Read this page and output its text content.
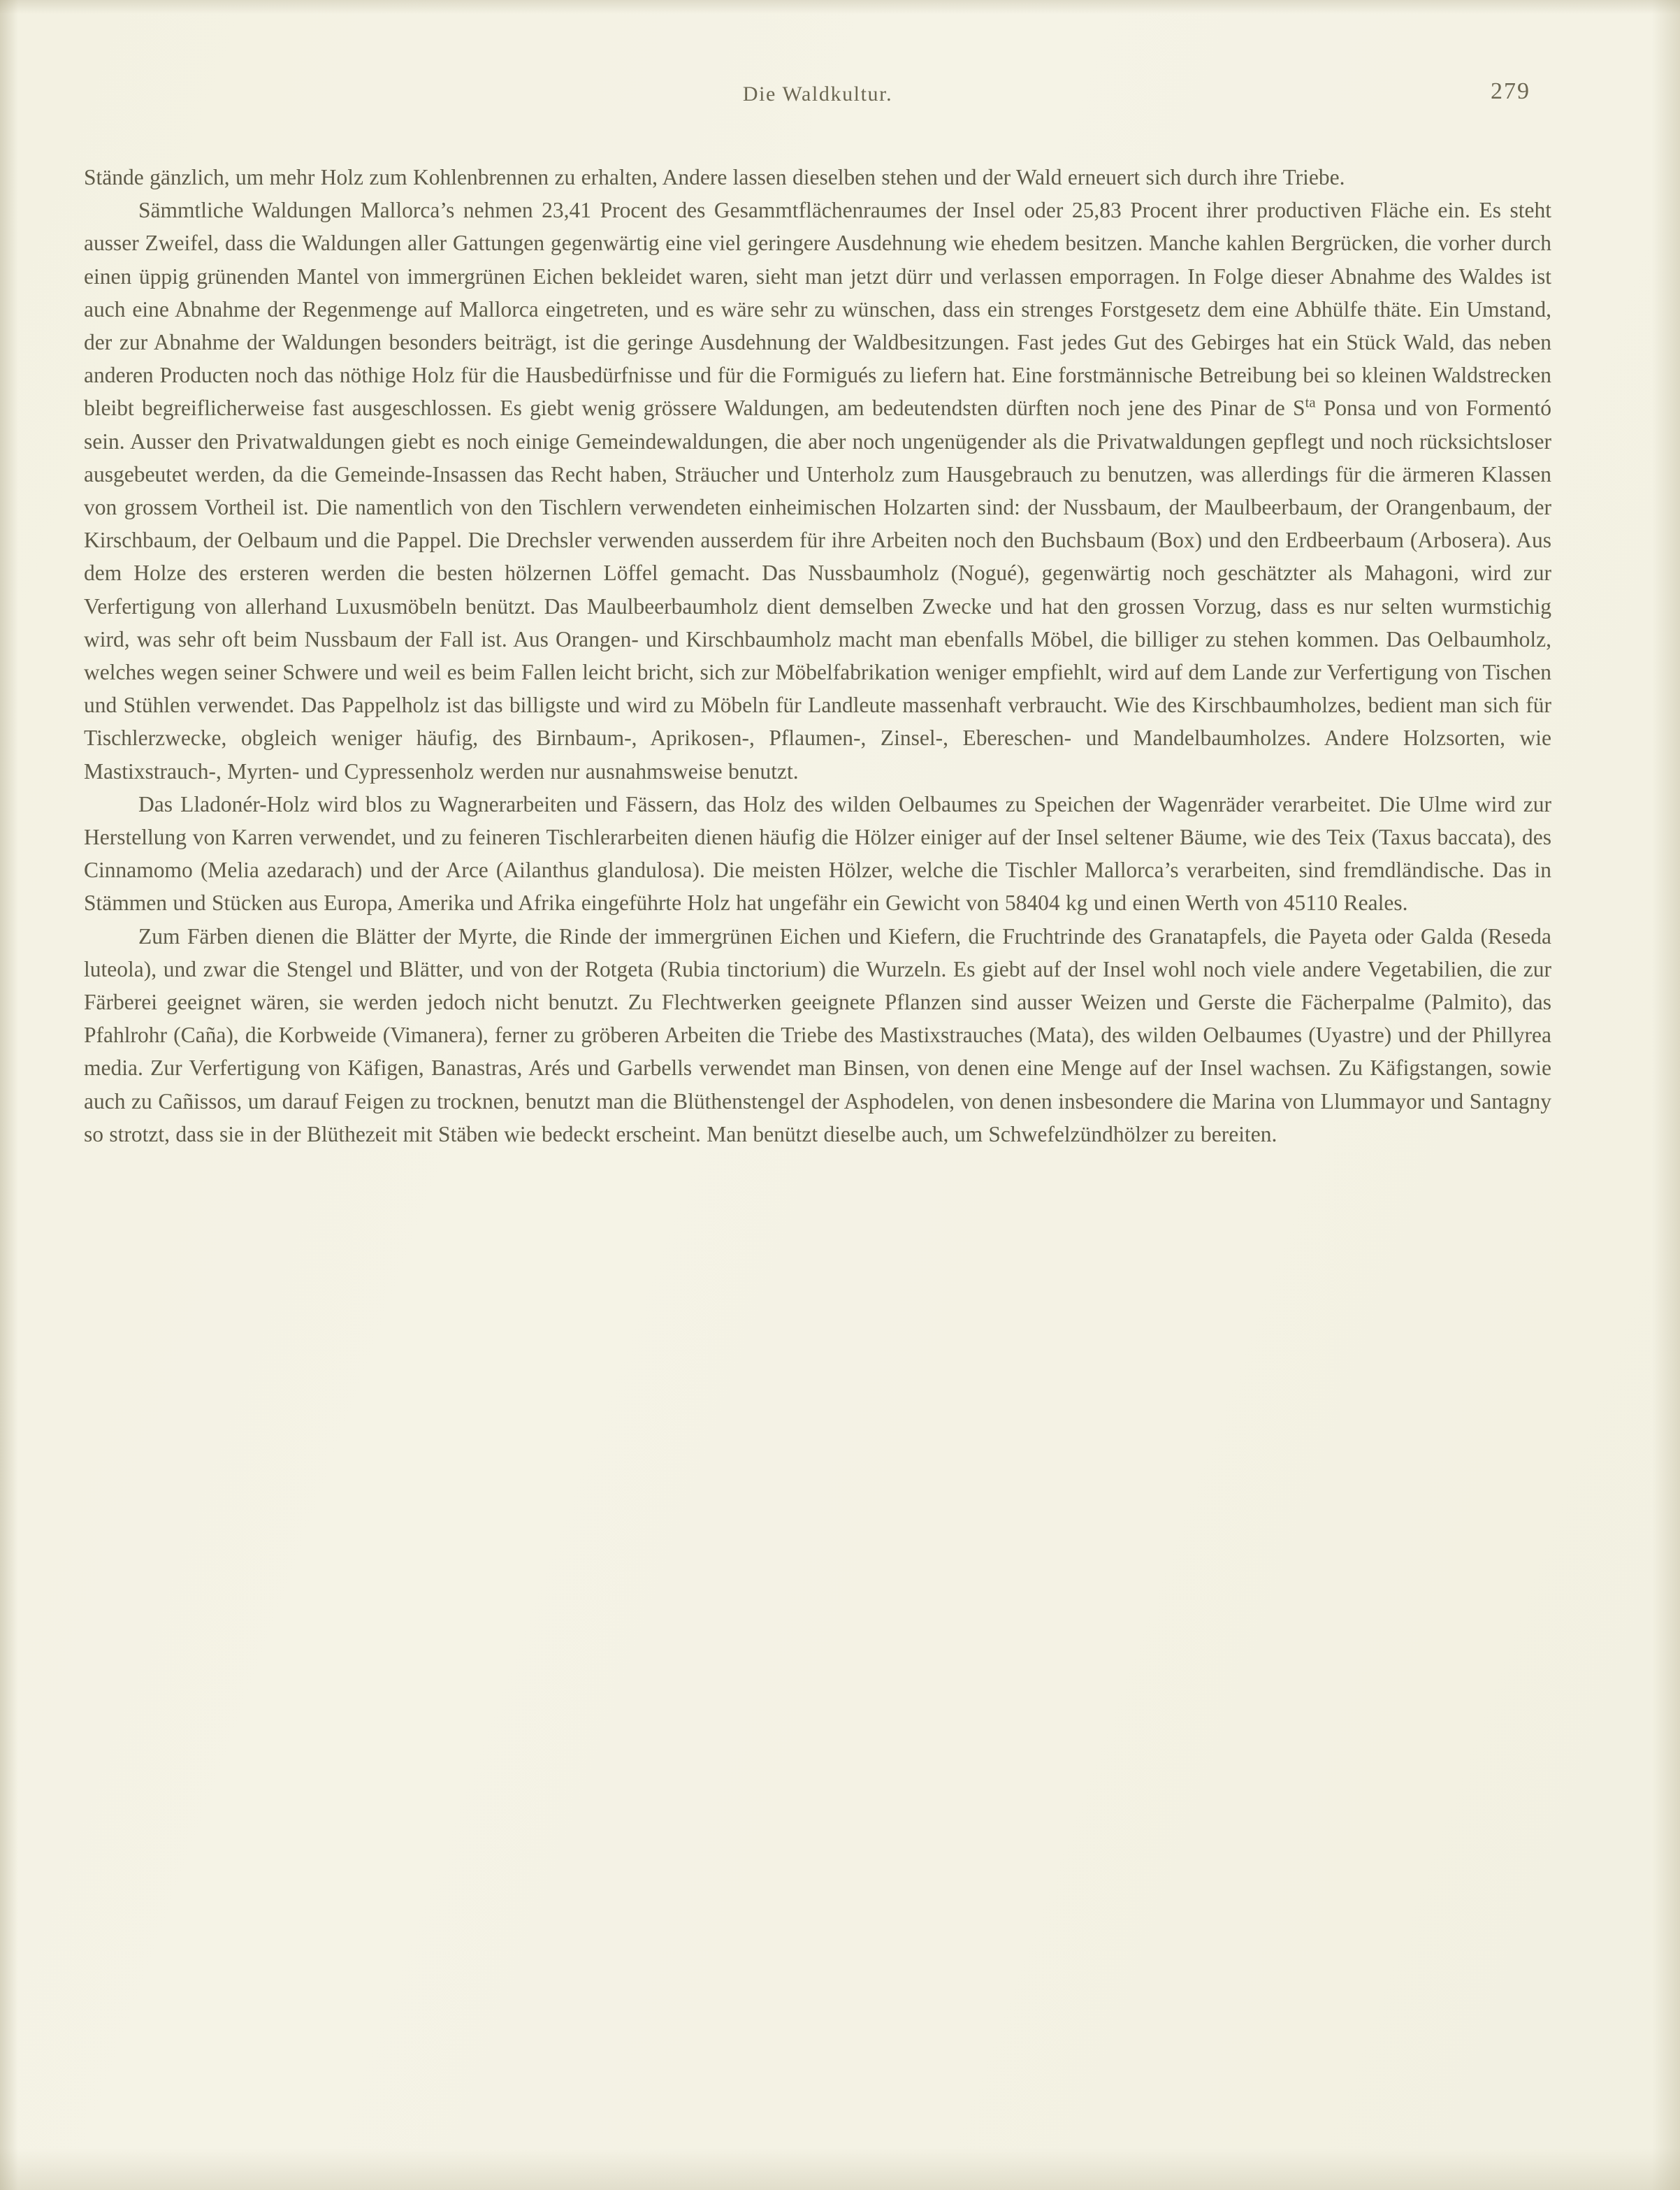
Die Waldkultur.	279

Stände gänzlich, um mehr Holz zum Kohlenbrennen zu erhalten, Andere lassen dieselben stehen und der Wald erneuert sich durch ihre Triebe.

Sämmtliche Waldungen Mallorca’s nehmen 23,41 Procent des Gesammtflächenraumes der Insel oder 25,83 Procent ihrer productiven Fläche ein. Es steht ausser Zweifel, dass die Waldungen aller Gattungen gegenwärtig eine viel geringere Ausdehnung wie ehedem besitzen. Manche kahlen Bergrücken, die vorher durch einen üppig grünenden Mantel von immergrünen Eichen bekleidet waren, sieht man jetzt dürr und verlassen emporragen. In Folge dieser Abnahme des Waldes ist auch eine Abnahme der Regenmenge auf Mallorca eingetreten, und es wäre sehr zu wünschen, dass ein strenges Forstgesetz dem eine Abhülfe thäte. Ein Umstand, der zur Abnahme der Waldungen besonders beiträgt, ist die geringe Ausdehnung der Waldbesitzungen. Fast jedes Gut des Gebirges hat ein Stück Wald, das neben anderen Producten noch das nöthige Holz für die Hausbedürfnisse und für die Formigués zu liefern hat. Eine forstmännische Betreibung bei so kleinen Waldstrecken bleibt begreiflicherweise fast ausgeschlossen. Es giebt wenig grössere Waldungen, am bedeutendsten dürften noch jene des Pinar de $S^{ta}$ Ponsa und von Formentó sein. Ausser den Privatwaldungen giebt es noch einige Gemeindewaldungen, die aber noch ungenügender als die Privatwaldungen gepflegt und noch rücksichtsloser ausgebeutet werden, da die Gemeinde-Insassen das Recht haben, Sträucher und Unterholz zum Hausgebrauch zu benutzen, was allerdings für die ärmeren Klassen von grossem Vortheil ist. Die namentlich von den Tischlern verwendeten einheimischen Holzarten sind: der Nussbaum, der Maulbeerbaum, der Orangenbaum, der Kirschbaum, der Oelbaum und die Pappel. Die Drechsler verwenden ausserdem für ihre Arbeiten noch den Buchsbaum (Box) und den Erdbeerbaum (Arbosera). Aus dem Holze des ersteren werden die besten hölzernen Löffel gemacht. Das Nussbaumholz (Nogué), gegenwärtig noch geschätzter als Mahagoni, wird zur Verfertigung von allerhand Luxusmöbeln benützt. Das Maulbeerbaumholz dient demselben Zwecke und hat den grossen Vorzug, dass es nur selten wurmstichig wird, was sehr oft beim Nussbaum der Fall ist. Aus Orangen- und Kirschbaumholz macht man ebenfalls Möbel, die billiger zu stehen kommen. Das Oelbaumholz, welches wegen seiner Schwere und weil es beim Fallen leicht bricht, sich zur Möbelfabrikation weniger empfiehlt, wird auf dem Lande zur Verfertigung von Tischen und Stühlen verwendet. Das Pappelholz ist das billigste und wird zu Möbeln für Landleute massenhaft verbraucht. Wie des Kirschbaumholzes, bedient man sich für Tischlerzwecke, obgleich weniger häufig, des Birnbaum-, Aprikosen-, Pflaumen-, Zinsel-, Ebereschen- und Mandelbaumholzes. Andere Holzsorten, wie Mastixstrauch-, Myrten- und Cypressenholz werden nur ausnahmsweise benutzt.

Das Lladonér-Holz wird blos zu Wagnerarbeiten und Fässern, das Holz des wilden Oelbaumes zu Speichen der Wagenräder verarbeitet. Die Ulme wird zur Herstellung von Karren verwendet, und zu feineren Tischlerarbeiten dienen häufig die Hölzer einiger auf der Insel seltener Bäume, wie des Teix (Taxus baccata), des Cinnamomo (Melia azedarach) und der Arce (Ailanthus glandulosa). Die meisten Hölzer, welche die Tischler Mallorca’s verarbeiten, sind fremdländische. Das in Stämmen und Stücken aus Europa, Amerika und Afrika eingeführte Holz hat ungefähr ein Gewicht von 58404 kg und einen Werth von 45110 Reales.

Zum Färben dienen die Blätter der Myrte, die Rinde der immergrünen Eichen und Kiefern, die Fruchtrinde des Granatapfels, die Payeta oder Galda (Reseda luteola), und zwar die Stengel und Blätter, und von der Rotgeta (Rubia tinctorium) die Wurzeln. Es giebt auf der Insel wohl noch viele andere Vegetabilien, die zur Färberei geeignet wären, sie werden jedoch nicht benutzt. Zu Flechtwerken geeignete Pflanzen sind ausser Weizen und Gerste die Fächerpalme (Palmito), das Pfahlrohr (Caña), die Korbweide (Vimanera), ferner zu gröberen Arbeiten die Triebe des Mastixstrauches (Mata), des wilden Oelbaumes (Uyastre) und der Phillyrea media. Zur Verfertigung von Käfigen, Banastras, Arés und Garbells verwendet man Binsen, von denen eine Menge auf der Insel wachsen. Zu Käfigstangen, sowie auch zu Cañissos, um darauf Feigen zu trocknen, benutzt man die Blüthenstengel der Asphodelen, von denen insbesondere die Marina von Llummayor und Santagny so strotzt, dass sie in der Blüthezeit mit Stäben wie bedeckt erscheint. Man benützt dieselbe auch, um Schwefelzündhölzer zu bereiten.
